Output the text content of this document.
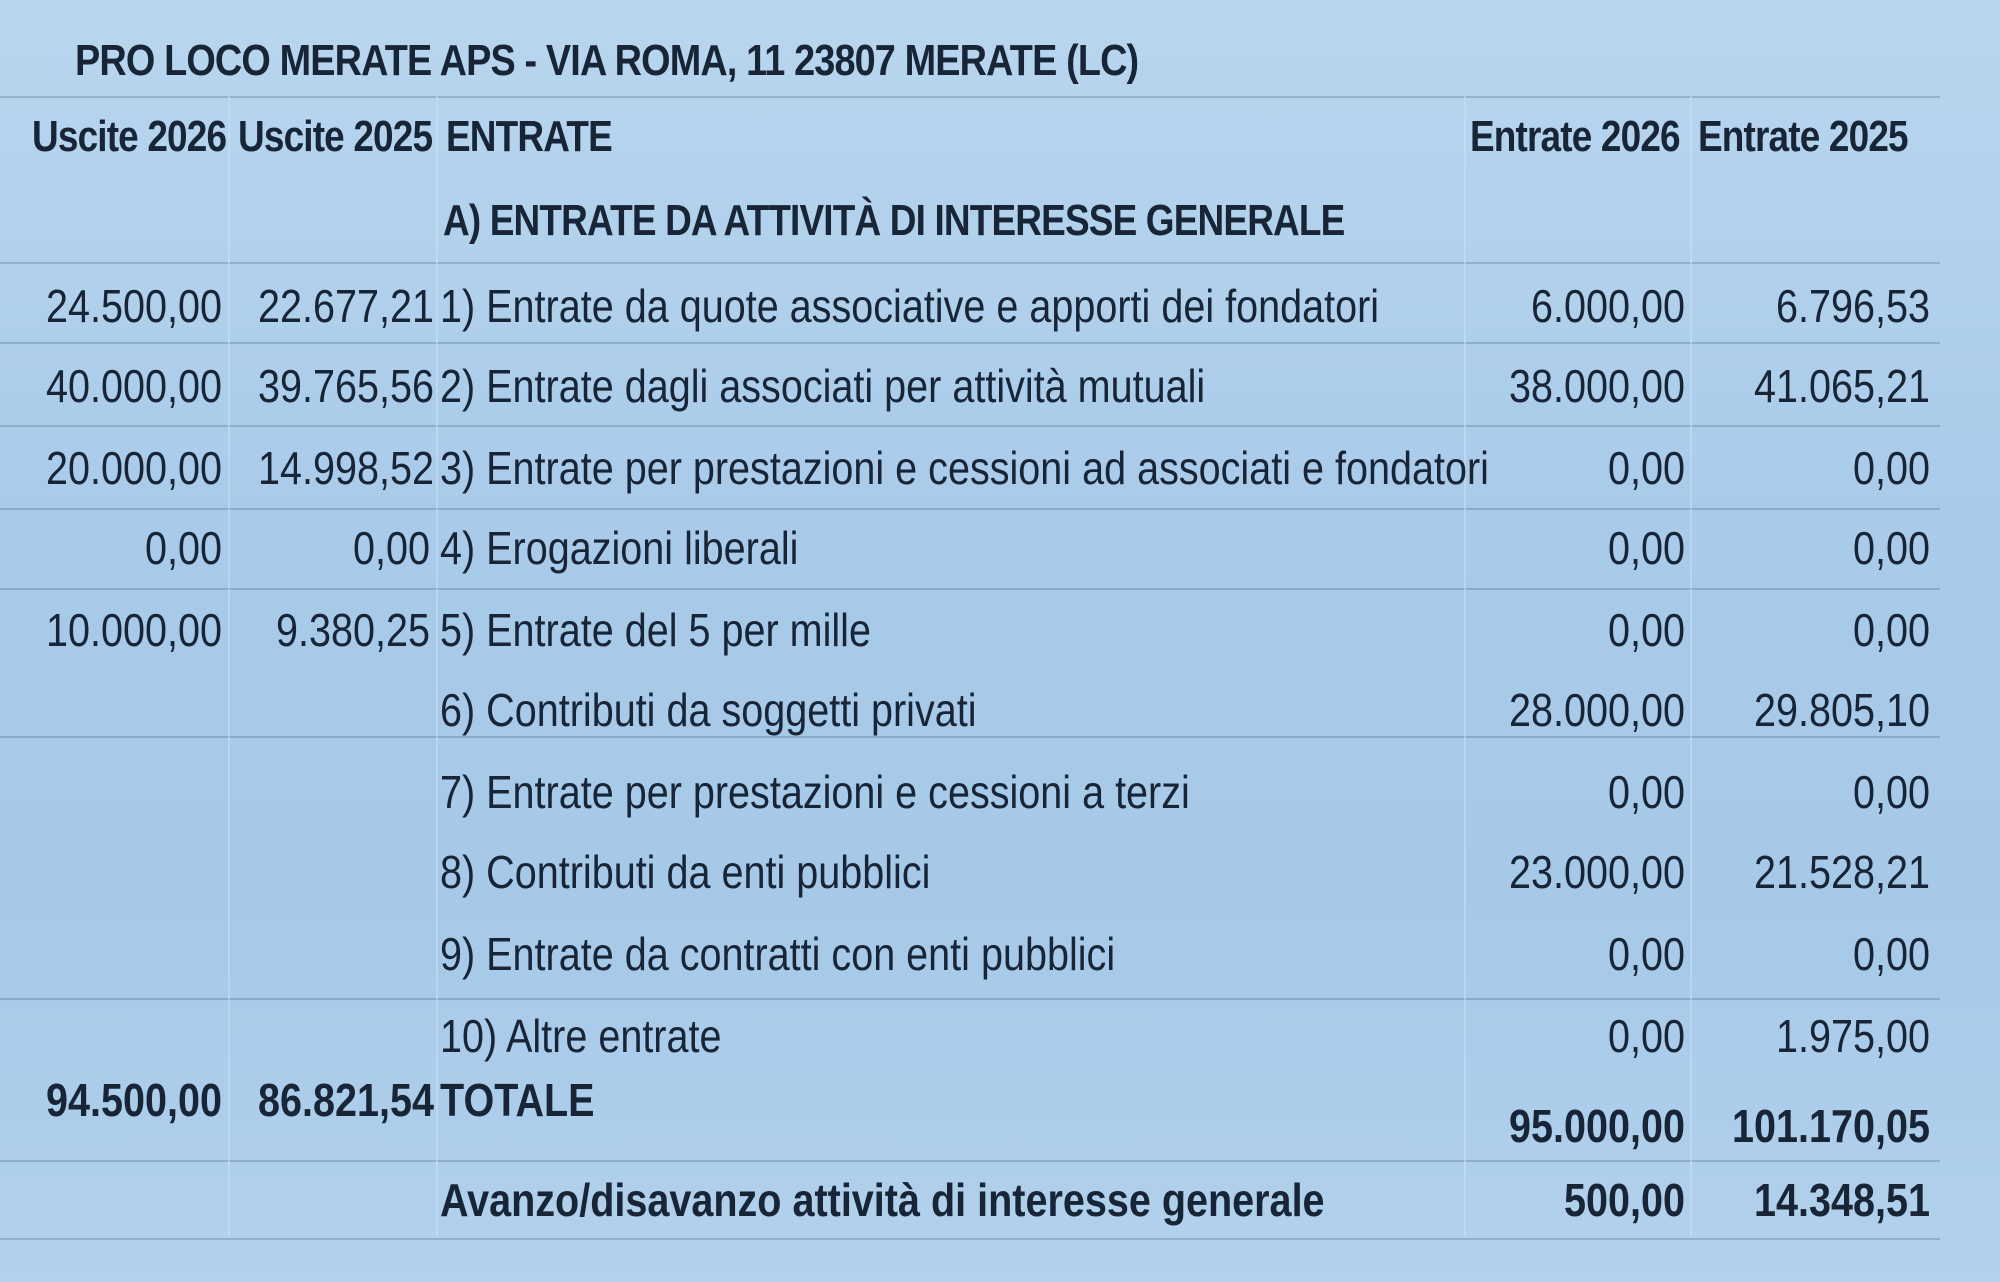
PRO LOCO MERATE APS - VIA ROMA, 11 23807 MERATE (LC)
Uscite 2026 Uscite 2025 ENTRATE	Entrate 2026 Entrate 2025
A) ENTRATE DA ATTIVITÀ DI INTERESSE GENERALE
24.500,00 22.677,21 1) Entrate da quote associative e apporti dei fondatori	6.000,00	6.796,53
40.000,00 39.765,56 2) Entrate dagli associati per attività mutuali	38.000,00	41.065,21
20.000,00 14.998,52 3) Entrate per prestazioni e cessioni ad associati e fondatori	0,00	0,00
0,00	0,00 4) Erogazioni liberali	0,00	0,00
10.000,00	9.380,25 5) Entrate del 5 per mille	0,00	0,00
6) Contributi da soggetti privati	28.000,00	29.805,10
7) Entrate per prestazioni e cessioni a terzi	0,00	0,00
8) Contributi da enti pubblici	23.000,00	21.528,21
9) Entrate da contratti con enti pubblici	0,00	0,00
10) Altre entrate	0,00	1.975,00
94.500,00 86.821,54 TOTALE	95.000,00	101.170,05
Avanzo/disavanzo attività di interesse generale	500,00	14.348,51
